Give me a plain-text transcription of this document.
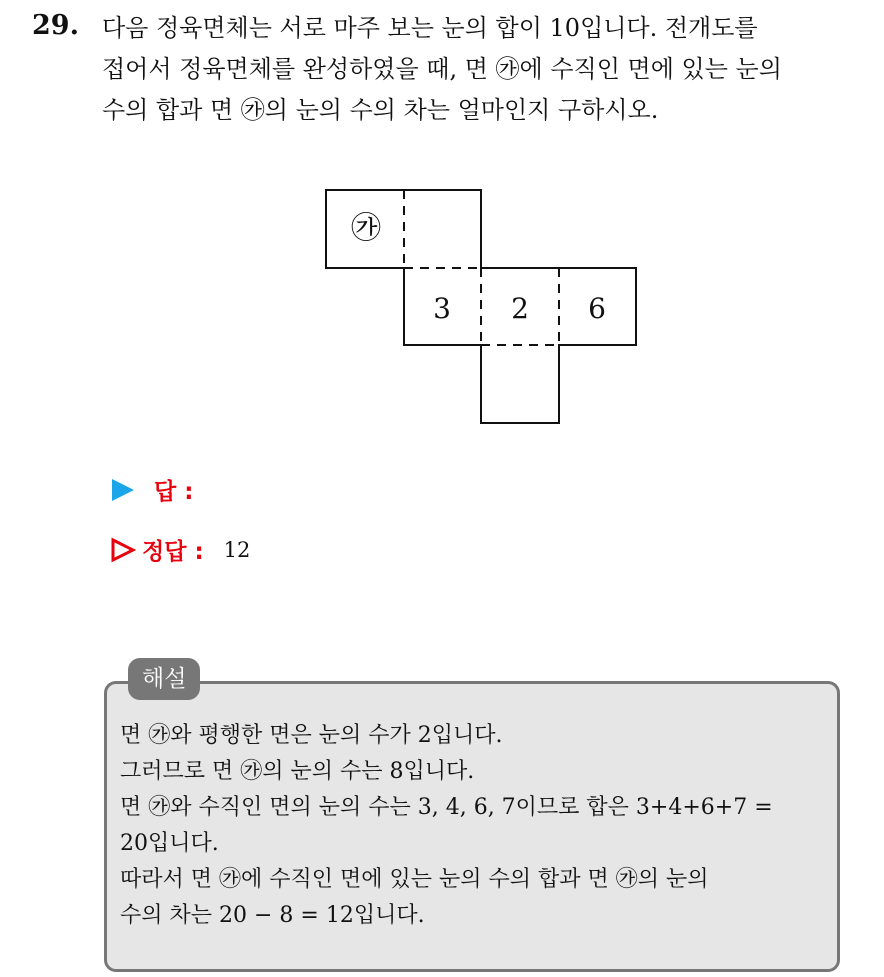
29. 다음 정육면체는 서로 마주 보는 눈의 합이 10입니다. 전개도를
접어서 정육면체를 완성하였을 때, 면 ㉮에 수직인 면에 있는 눈의
수의 합과 면 ㉮의 눈의 수의 차는 얼마인지 구하시오.
㉮
3 2 6
답 :
정답 : 12
해설
면 ㉮와 평행한 면은 눈의 수가 2입니다.
그러므로 면 ㉮의 눈의 수는 8입니다.
면 ㉮와 수직인 면의 눈의 수는 3, 4, 6, 7이므로 합은 3+4+6+7 =
20입니다.
따라서 면 ㉮에 수직인 면에 있는 눈의 수의 합과 면 ㉮의 눈의
수의 차는 20 − 8 = 12입니다.
